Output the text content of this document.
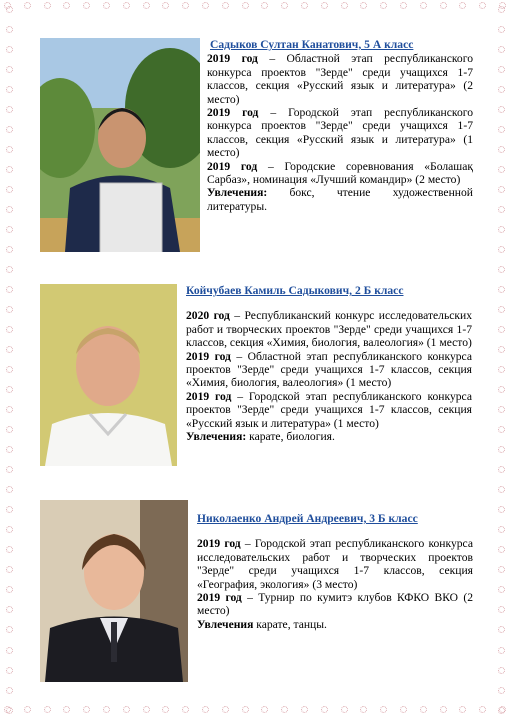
Садыков Султан Канатович, 5 А класс
2019 год – Областной этап республиканского конкурса проектов "Зерде" среди учащихся 1-7 классов, секция «Русский язык и литература» (2 место)
2019 год – Городской этап республиканского конкурса проектов "Зерде" среди учащихся 1-7 классов, секция «Русский язык и литература» (1 место)
2019 год – Городские соревнования «Болашақ Сарбаз», номинация «Лучший командир» (2 место)
Увлечения: бокс, чтение художественной литературы.
Койчубаев Камиль Садыкович, 2 Б класс
2020 год – Республиканский конкурс исследовательских работ и творческих проектов "Зерде" среди учащихся 1-7 классов, секция «Химия, биология, валеология» (1 место)
2019 год – Областной этап республиканского конкурса проектов "Зерде" среди учащихся 1-7 классов, секция «Химия, биология, валеология» (1 место)
2019 год – Городской этап республиканского конкурса проектов "Зерде" среди учащихся 1-7 классов, секция «Русский язык и литература» (1 место)
Увлечения: карате, биология.
Николаенко Андрей Андреевич, 3 Б класс
2019 год – Городской этап республиканского конкурса исследовательских работ и творческих проектов "Зерде" среди учащихся 1-7 классов, секция «География, экология» (3 место)
2019 год – Турнир по кумитэ клубов КФКО ВКО (2 место)
Увлечения карате, танцы.
